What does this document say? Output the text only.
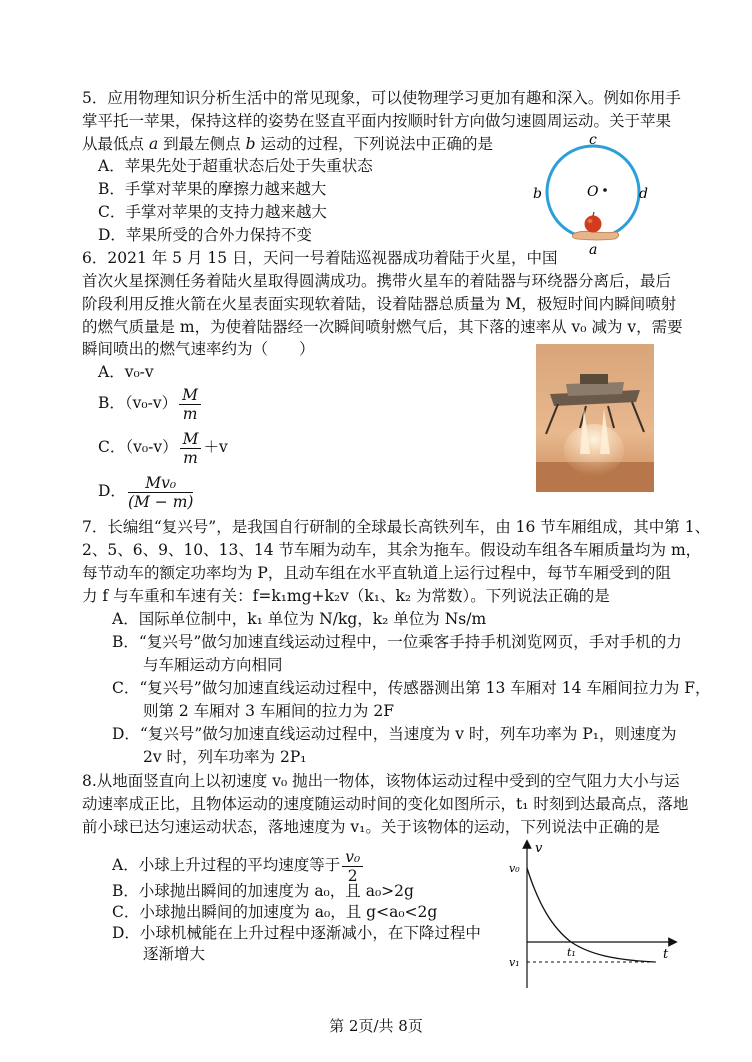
5．应用物理知识分析生活中的常见现象，可以使物理学习更加有趣和深入。例如你用手
掌平托一苹果，保持这样的姿势在竖直平面内按顺时针方向做匀速圆周运动。关于苹果
从最低点 a 到最左侧点 b 运动的过程，下列说法中正确的是
A．苹果先处于超重状态后处于失重状态
B．手掌对苹果的摩擦力越来越大
C．手掌对苹果的支持力越来越大
D．苹果所受的合外力保持不变
c
b	O	d
a
6．2021 年 5 月 15 日，天问一号着陆巡视器成功着陆于火星，中国
首次火星探测任务着陆火星取得圆满成功。携带火星车的着陆器与环绕器分离后，最后
阶段利用反推火箭在火星表面实现软着陆，设着陆器总质量为 M，极短时间内瞬间喷射
的燃气质量是 m，为使着陆器经一次瞬间喷射燃气后，其下落的速率从 v₀ 减为 v，需要
瞬间喷出的燃气速率约为（　　）
A．v₀-v
B．$(v_0-v) \frac{M}{m}$
C．$(v_0-v) \frac{M}{m} +v$
D． $\frac{\text{Mv₀}}{(M - m)}$
7．长编组“复兴号”，是我国自行研制的全球最长高铁列车，由 16 节车厢组成，其中第 1、
2、5、6、9、10、13、14 节车厢为动车，其余为拖车。假设动车组各车厢质量均为 m，
每节动车的额定功率均为 P，且动车组在水平直轨道上运行过程中，每节车厢受到的阻
力 f 与车重和车速有关：f=k₁mg+k₂v（k₁、k₂ 为常数）。下列说法正确的是
A．国际单位制中，k₁ 单位为 N/kg，k₂ 单位为 Ns/m
B．“复兴号”做匀加速直线运动过程中，一位乘客手持手机浏览网页，手对手机的力
与车厢运动方向相同
C．“复兴号”做匀加速直线运动过程中，传感器测出第 13 车厢对 14 车厢间拉力为 F，
则第 2 车厢对 3 车厢间的拉力为 2F
D．“复兴号”做匀加速直线运动过程中，当速度为 v 时，列车功率为 P₁，则速度为
2v 时，列车功率为 2P₁
8.从地面竖直向上以初速度 v₀ 抛出一物体，该物体运动过程中受到的空气阻力大小与运
动速率成正比，且物体运动的速度随运动时间的变化如图所示，t₁ 时刻到达最高点，落地
前小球已达匀速运动状态，落地速度为 v₁。关于该物体的运动，下列说法中正确的是
A．小球上升过程的平均速度等于 $\frac{\text{v₀}}{2}$
B．小球抛出瞬间的加速度为 a₀，且 a₀>2g
C．小球抛出瞬间的加速度为 a₀，且 g<a₀<2g
D．小球机械能在上升过程中逐渐减小，在下降过程中
逐渐增大
v
t
v₀
t₁
v₁
第 2页/共 8页
